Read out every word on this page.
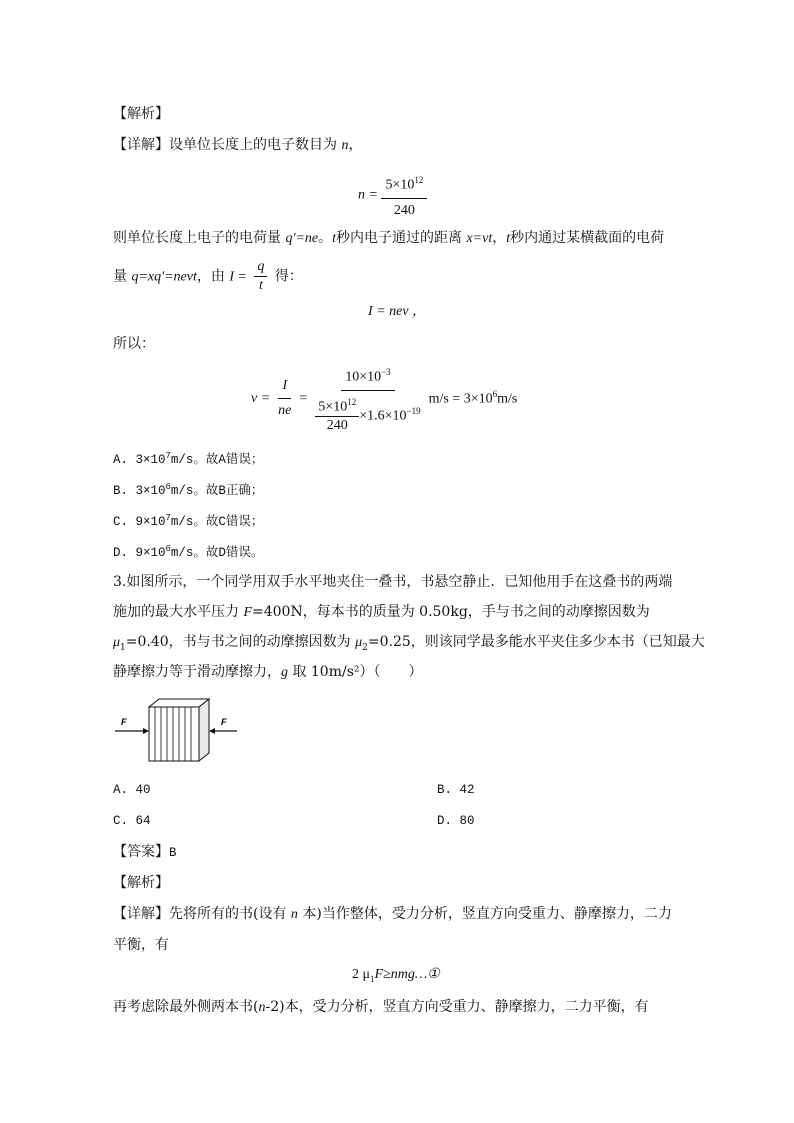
【解析】
【详解】设单位长度上的电子数目为 n，
$n = \frac{5\times 10^{12}}{240}$
则单位长度上电子的电荷量 q'=ne。t秒内电子通过的距离 x=vt，t秒内通过某横截面的电荷
量 q=xq'=nevt，由 $I = \frac{q}{t}$ 得：
I = nev ，
所以：
$v = \frac{I}{ne} = \frac{10\times 10^{-3}}{\frac{5\times 10^{12}}{240} \times 1.6\times 10^{-19}} m/s = 3\times 10^6m/s$
A. $3\times 10^7m/s$。故A错误；
B. $3\times 10^6m/s$。故B正确；
C. $9\times 10^7m/s$。故C错误；
D. $9\times 10^6m/s$。故D错误。
3.如图所示，一个同学用双手水平地夹住一叠书，书悬空静止．已知他用手在这叠书的两端
施加的最大水平压力 F=400N，每本书的质量为 0.50kg，手与书之间的动摩擦因数为
$\mu_1=0.40$，书与书之间的动摩擦因数为 $\mu_2=0.25$，则该同学最多能水平夹住多少本书（已知最大
静摩擦力等于滑动摩擦力，g 取 10m/s²）（　　）
F	F
A. 40	B. 42
C. 64	D. 80
【答案】B
【解析】
【详解】先将所有的书(设有 n 本)当作整体，受力分析，竖直方向受重力、静摩擦力，二力
平衡，有
2 $\mu_1F\ge nmg\dots ①$
再考虑除最外侧两本书(n-2)本，受力分析，竖直方向受重力、静摩擦力，二力平衡，有
